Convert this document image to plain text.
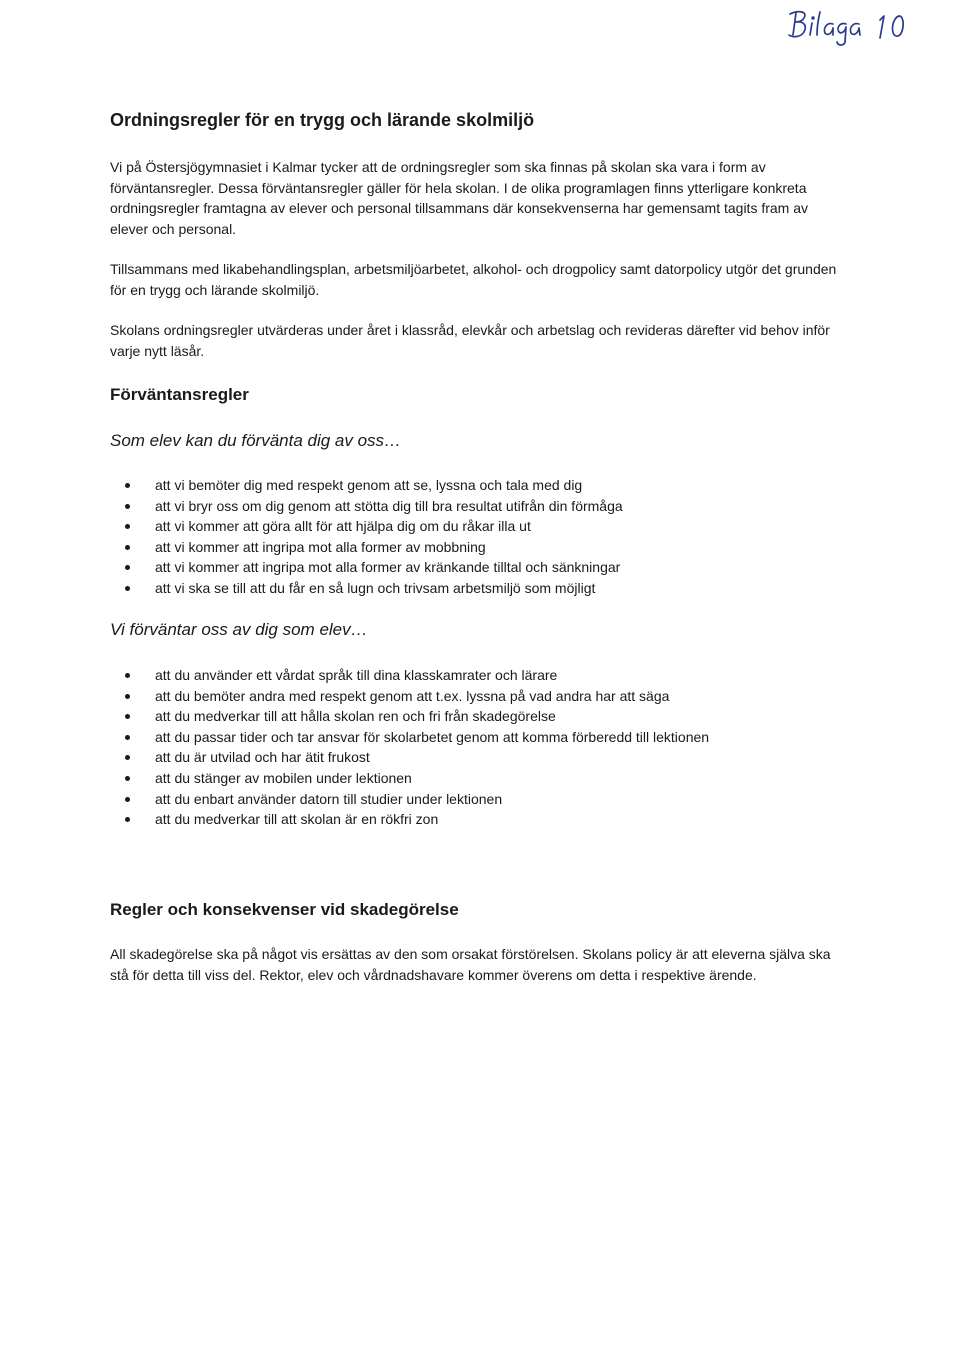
Ordningsregler för en trygg och lärande skolmiljö

Vi på Östersjögymnasiet i Kalmar tycker att de ordningsregler som ska finnas på skolan ska vara i form av förväntansregler. Dessa förväntansregler gäller för hela skolan. I de olika programlagen finns ytterligare konkreta ordningsregler framtagna av elever och personal tillsammans där konsekvenserna har gemensamt tagits fram av elever och personal.

Tillsammans med likabehandlingsplan, arbetsmiljöarbetet, alkohol- och drogpolicy samt datorpolicy utgör det grunden för en trygg och lärande skolmiljö.

Skolans ordningsregler utvärderas under året i klassråd, elevkår och arbetslag och revideras därefter vid behov inför varje nytt läsår.

Förväntansregler

Som elev kan du förvänta dig av oss…

att vi bemöter dig med respekt genom att se, lyssna och tala med dig
att vi bryr oss om dig genom att stötta dig till bra resultat utifrån din förmåga
att vi kommer att göra allt för att hjälpa dig om du råkar illa ut
att vi kommer att ingripa mot alla former av mobbning
att vi kommer att ingripa mot alla former av kränkande tilltal och sänkningar
att vi ska se till att du får en så lugn och trivsam arbetsmiljö som möjligt

Vi förväntar oss av dig som elev…

att du använder ett vårdat språk till dina klasskamrater och lärare
att du bemöter andra med respekt genom att t.ex. lyssna på vad andra har att säga
att du medverkar till att hålla skolan ren och fri från skadegörelse
att du passar tider och tar ansvar för skolarbetet genom att komma förberedd till lektionen
att du är utvilad och har ätit frukost
att du stänger av mobilen under lektionen
att du enbart använder datorn till studier under lektionen
att du medverkar till att skolan är en rökfri zon
Regler och konsekvenser vid skadegörelse

All skadegörelse ska på något vis ersättas av den som orsakat förstörelsen. Skolans policy är att eleverna själva ska stå för detta till viss del. Rektor, elev och vårdnadshavare kommer överens om detta i respektive ärende.
